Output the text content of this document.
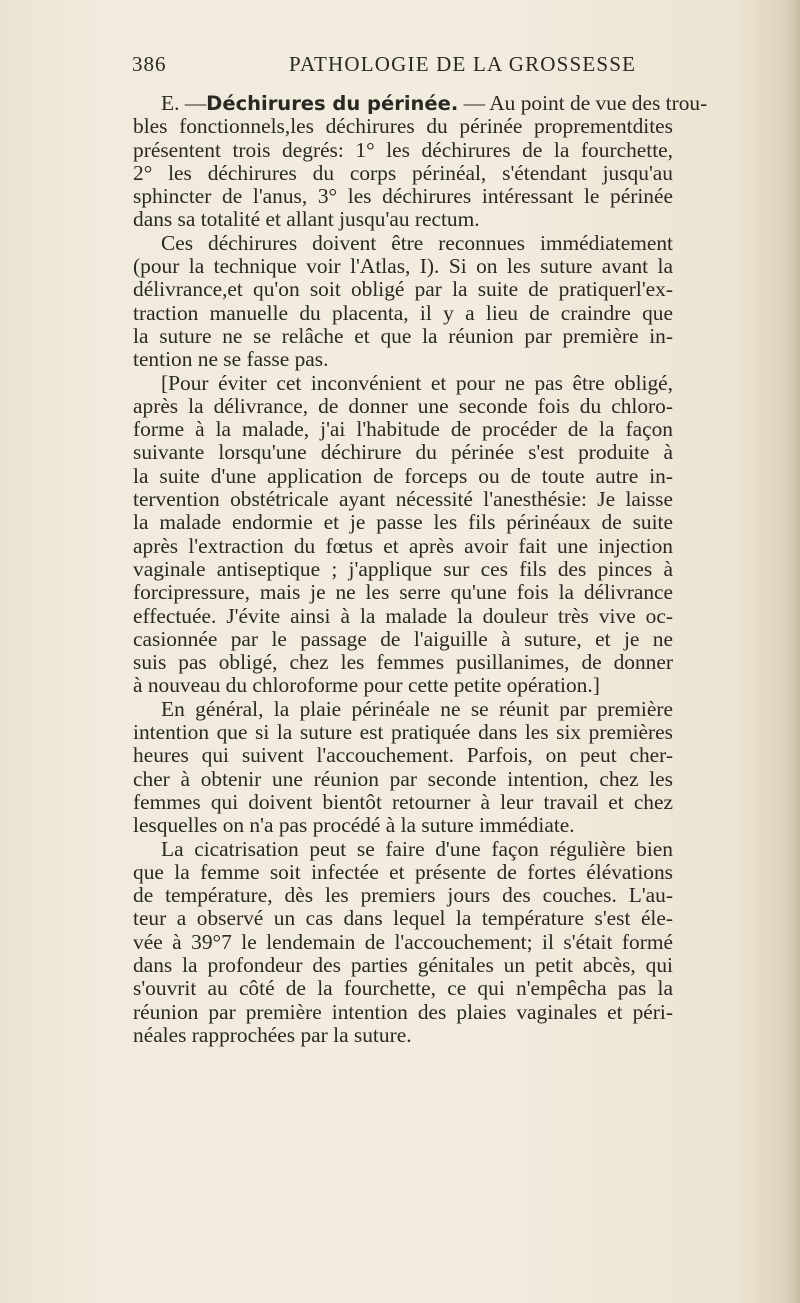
386	PATHOLOGIE DE LA GROSSESSE
E. —Déchirures du périnée. — Au point de vue des trou-
bles fonctionnels,les déchirures du périnée proprementdites
présentent trois degrés: 1° les déchirures de la fourchette,
2° les déchirures du corps périnéal, s'étendant jusqu'au
sphincter de l'anus, 3° les déchirures intéressant le périnée
dans sa totalité et allant jusqu'au rectum.
Ces déchirures doivent être reconnues immédiatement
(pour la technique voir l'Atlas, I). Si on les suture avant la
délivrance,et qu'on soit obligé par la suite de pratiquerl'ex-
traction manuelle du placenta, il y a lieu de craindre que
la suture ne se relâche et que la réunion par première in-
tention ne se fasse pas.
[Pour éviter cet inconvénient et pour ne pas être obligé,
après la délivrance, de donner une seconde fois du chloro-
forme à la malade, j'ai l'habitude de procéder de la façon
suivante lorsqu'une déchirure du périnée s'est produite à
la suite d'une application de forceps ou de toute autre in-
tervention obstétricale ayant nécessité l'anesthésie: Je laisse
la malade endormie et je passe les fils périnéaux de suite
après l'extraction du fœtus et après avoir fait une injection
vaginale antiseptique ; j'applique sur ces fils des pinces à
forcipressure, mais je ne les serre qu'une fois la délivrance
effectuée. J'évite ainsi à la malade la douleur très vive oc-
casionnée par le passage de l'aiguille à suture, et je ne
suis pas obligé, chez les femmes pusillanimes, de donner
à nouveau du chloroforme pour cette petite opération.]
En général, la plaie périnéale ne se réunit par première
intention que si la suture est pratiquée dans les six premières
heures qui suivent l'accouchement. Parfois, on peut cher-
cher à obtenir une réunion par seconde intention, chez les
femmes qui doivent bientôt retourner à leur travail et chez
lesquelles on n'a pas procédé à la suture immédiate.
La cicatrisation peut se faire d'une façon régulière bien
que la femme soit infectée et présente de fortes élévations
de température, dès les premiers jours des couches. L'au-
teur a observé un cas dans lequel la température s'est éle-
vée à 39°7 le lendemain de l'accouchement; il s'était formé
dans la profondeur des parties génitales un petit abcès, qui
s'ouvrit au côté de la fourchette, ce qui n'empêcha pas la
réunion par première intention des plaies vaginales et péri-
néales rapprochées par la suture.
